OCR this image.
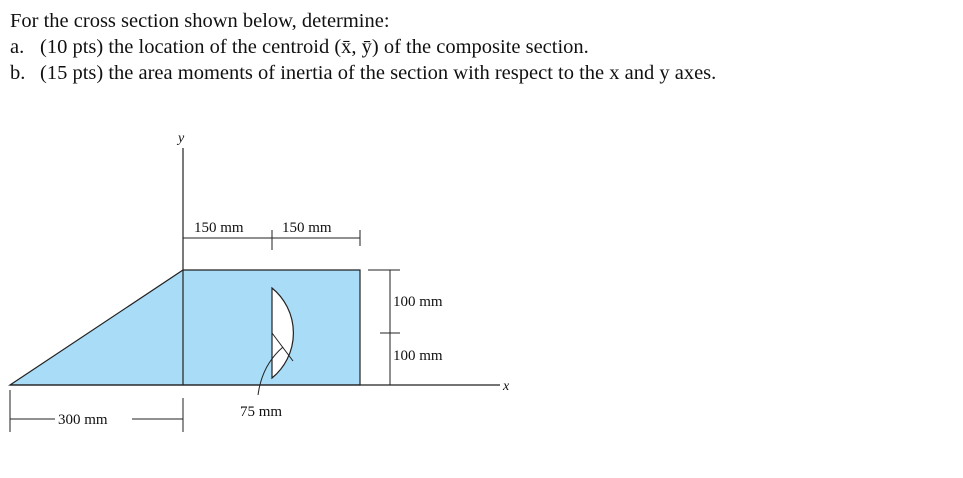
For the cross section shown below, determine:
a. (10 pts) the location of the centroid (x̄, ȳ) of the composite section.
b. (15 pts) the area moments of inertia of the section with respect to the x and y axes.
y
x
150 mm	150 mm
100 mm
100 mm
300 mm	75 mm
